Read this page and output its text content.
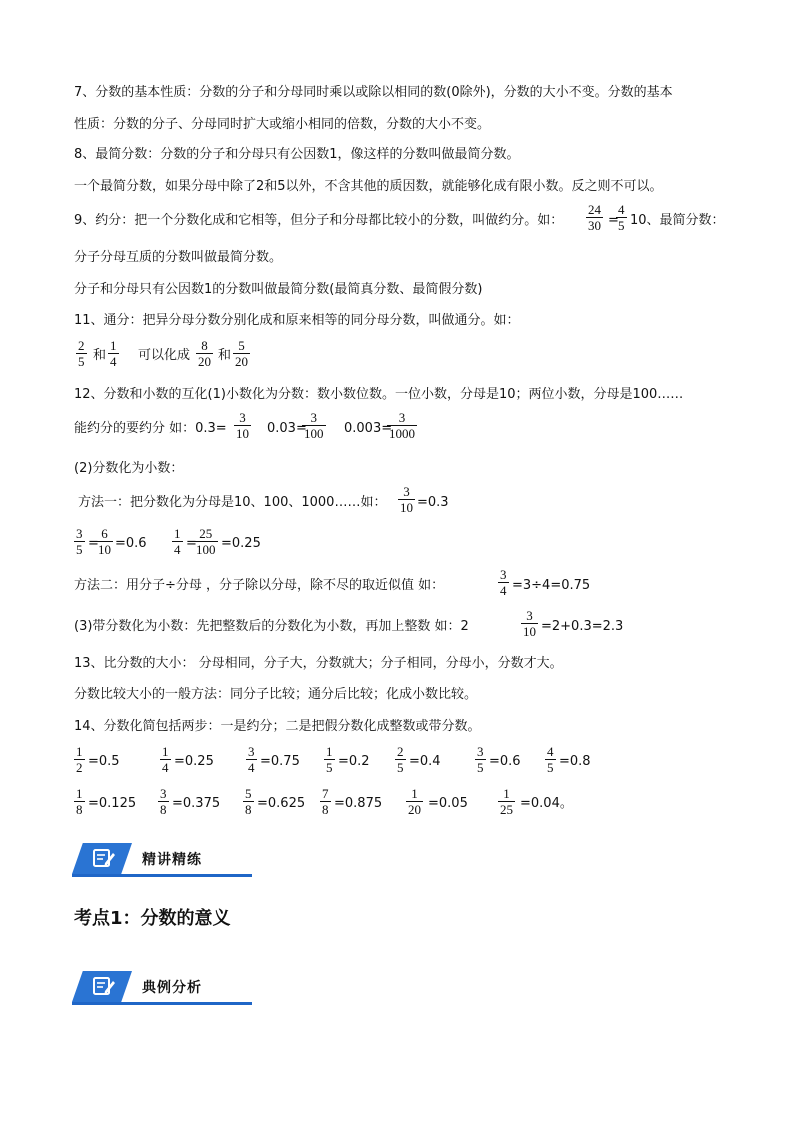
7、分数的基本性质：分数的分子和分母同时乘以或除以相同的数(0除外)，分数的大小不变。分数的基本
性质：分数的分子、分母同时扩大或缩小相同的倍数，分数的大小不变。
8、最简分数：分数的分子和分母只有公因数1，像这样的分数叫做最简分数。
一个最简分数，如果分母中除了2和5以外，不含其他的质因数，就能够化成有限小数。反之则不可以。
9、约分：把一个分数化成和它相等，但分子和分母都比较小的分数，叫做约分。如： $\frac{24}{30}$ =
$\frac{4}{5} 10$、最简分数：
分子分母互质的分数叫做最简分数。
分子和分母只有公因数1的分数叫做最简分数(最简真分数、最简假分数)
11、通分：把异分母分数分别化成和原来相等的同分母分数，叫做通分。如：
$\frac{2}{5}$ 和 $\frac{1}{4}$ 可以化成 $\frac{8}{20}$ 和 $\frac{5}{20}$
12、分数和小数的互化(1)小数化为分数：数小数位数。一位小数，分母是10；两位小数，分母是100……
能约分的要约分 如：$0.3= \frac{3}{10} 0.03=$
$\frac{3}{100} 0.003=$
$\frac{3}{1000}$
(2)分数化为小数：
方法一：把分数化为分母是10、100、1000……如： $\frac{3}{10} =0.3$
$\frac{3}{5}$ =
$\frac{6}{10} =0.6 \frac{1}{4}$ =
$\frac{25}{100} =0.25$
方法二：用分子÷分母 ，分子除以分母，除不尽的取近似值 如：	$\frac{3}{4} =3\div 4=0.75$
(3)带分数化为小数：先把整数后的分数化为小数，再加上整数 如：2	$\frac{3}{10} =2+0.3=2.3$
13、比分数的大小： 分母相同，分子大，分数就大；分子相同，分母小，分数才大。
分数比较大小的一般方法：同分子比较；通分后比较；化成小数比较。
14、分数化简包括两步：一是约分；二是把假分数化成整数或带分数。
$\frac{1}{2} =0.5$	$\frac{1}{4} =0.25 \frac{3}{4} =0.75 \frac{1}{5} =0.2 \frac{2}{5} =0.4$	$\frac{3}{5} =0.6 \frac{4}{5} =0.8$
$\frac{1}{8} =0.125 \frac{3}{8} =0.375 \frac{5}{8} =0.625 \frac{7}{8} =0.875 \frac{1}{20} =0.05 \frac{1}{25} =0.04$。
精讲精练
考点1：分数的意义
典例分析
